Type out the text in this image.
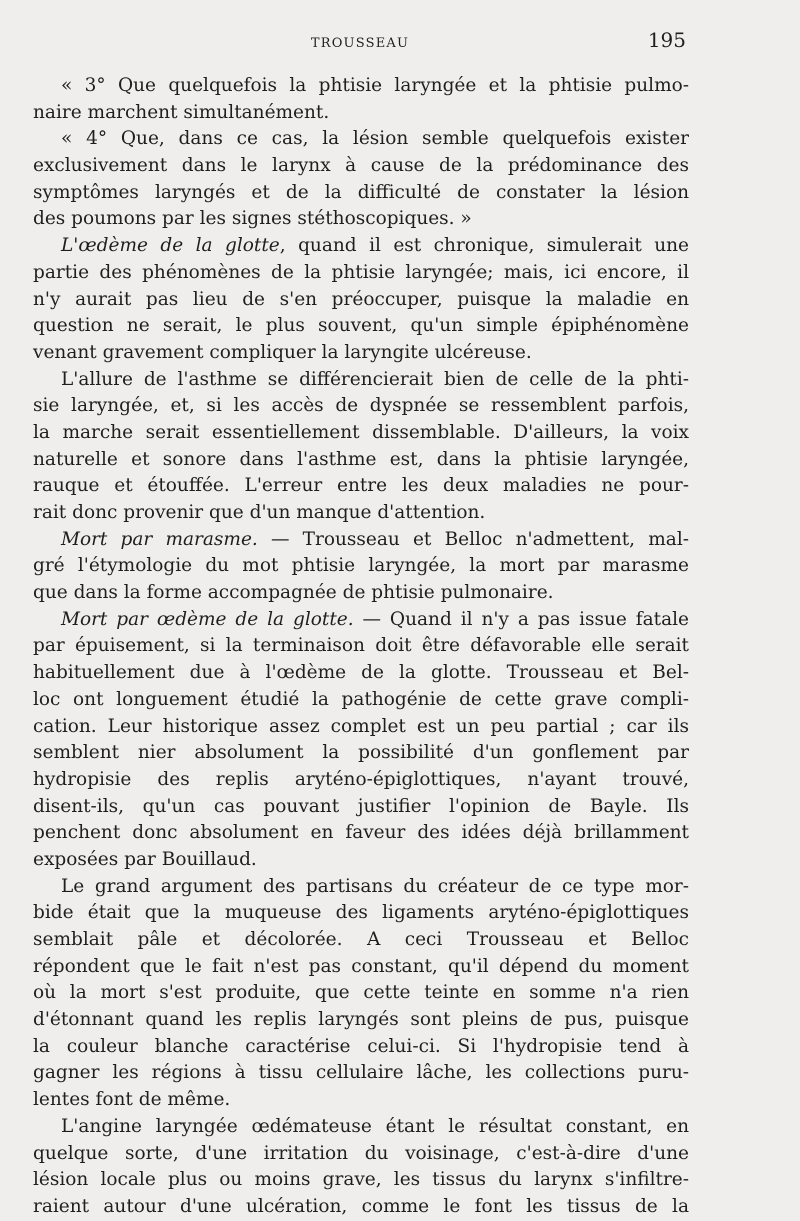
TROUSSEAU	195
« 3° Que quelquefois la phtisie laryngée et la phtisie pulmo-
naire marchent simultanément.
« 4° Que, dans ce cas, la lésion semble quelquefois exister
exclusivement dans le larynx à cause de la prédominance des
symptômes laryngés et de la difficulté de constater la lésion
des poumons par les signes stéthoscopiques. »
L'œdème de la glotte, quand il est chronique, simulerait une
partie des phénomènes de la phtisie laryngée; mais, ici encore, il
n'y aurait pas lieu de s'en préoccuper, puisque la maladie en
question ne serait, le plus souvent, qu'un simple épiphénomène
venant gravement compliquer la laryngite ulcéreuse.
L'allure de l'asthme se différencierait bien de celle de la phti-
sie laryngée, et, si les accès de dyspnée se ressemblent parfois,
la marche serait essentiellement dissemblable. D'ailleurs, la voix
naturelle et sonore dans l'asthme est, dans la phtisie laryngée,
rauque et étouffée. L'erreur entre les deux maladies ne pour-
rait donc provenir que d'un manque d'attention.
Mort par marasme. — Trousseau et Belloc n'admettent, mal-
gré l'étymologie du mot phtisie laryngée, la mort par marasme
que dans la forme accompagnée de phtisie pulmonaire.
Mort par œdème de la glotte. — Quand il n'y a pas issue fatale
par épuisement, si la terminaison doit être défavorable elle serait
habituellement due à l'œdème de la glotte. Trousseau et Bel-
loc ont longuement étudié la pathogénie de cette grave compli-
cation. Leur historique assez complet est un peu partial ; car ils
semblent nier absolument la possibilité d'un gonflement par
hydropisie des replis aryténo-épiglottiques, n'ayant trouvé,
disent-ils, qu'un cas pouvant justifier l'opinion de Bayle. Ils
penchent donc absolument en faveur des idées déjà brillamment
exposées par Bouillaud.
Le grand argument des partisans du créateur de ce type mor-
bide était que la muqueuse des ligaments aryténo-épiglottiques
semblait pâle et décolorée. A ceci Trousseau et Belloc
répondent que le fait n'est pas constant, qu'il dépend du moment
où la mort s'est produite, que cette teinte en somme n'a rien
d'étonnant quand les replis laryngés sont pleins de pus, puisque
la couleur blanche caractérise celui-ci. Si l'hydropisie tend à
gagner les régions à tissu cellulaire lâche, les collections puru-
lentes font de même.
L'angine laryngée œdémateuse étant le résultat constant, en
quelque sorte, d'une irritation du voisinage, c'est-à-dire d'une
lésion locale plus ou moins grave, les tissus du larynx s'infiltre-
raient autour d'une ulcération, comme le font les tissus de la
